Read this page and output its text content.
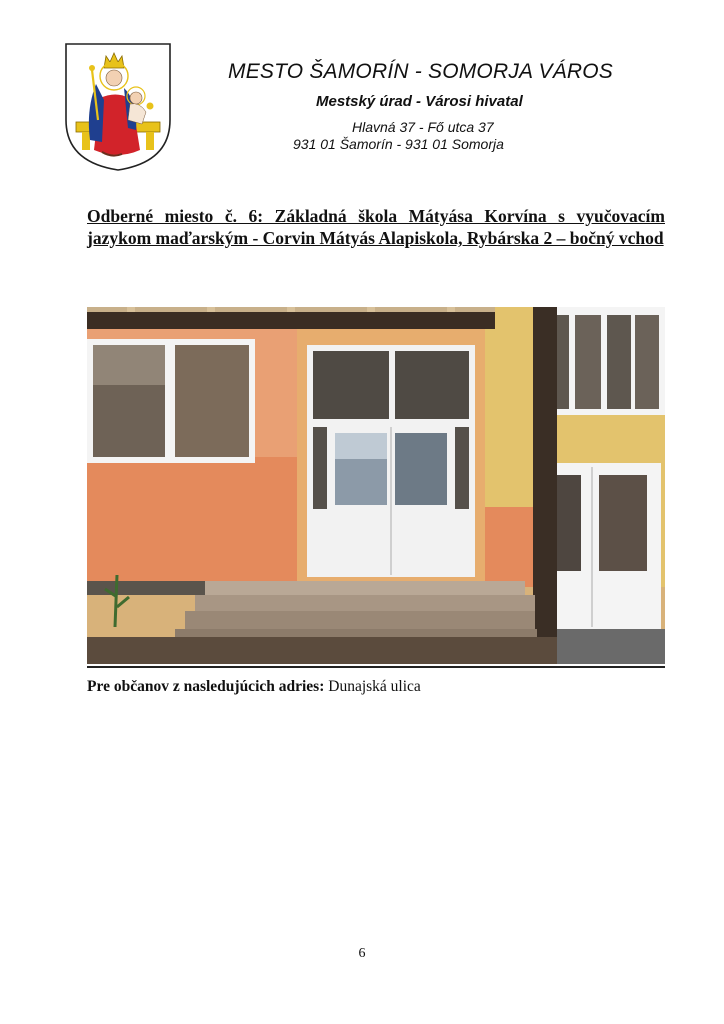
MESTO ŠAMORÍN - SOMORJA VÁROS
Mestský úrad - Városi hivatal
Hlavná 37 - Fő utca 37
931 01 Šamorín - 931 01 Somorja
Odberné miesto č. 6: Základná škola Mátyása Korvína s vyučovacím jazykom maďarským - Corvin Mátyás Alapiskola, Rybárska 2 – bočný vchod
Pre občanov z nasledujúcich adries: Dunajská ulica
6
